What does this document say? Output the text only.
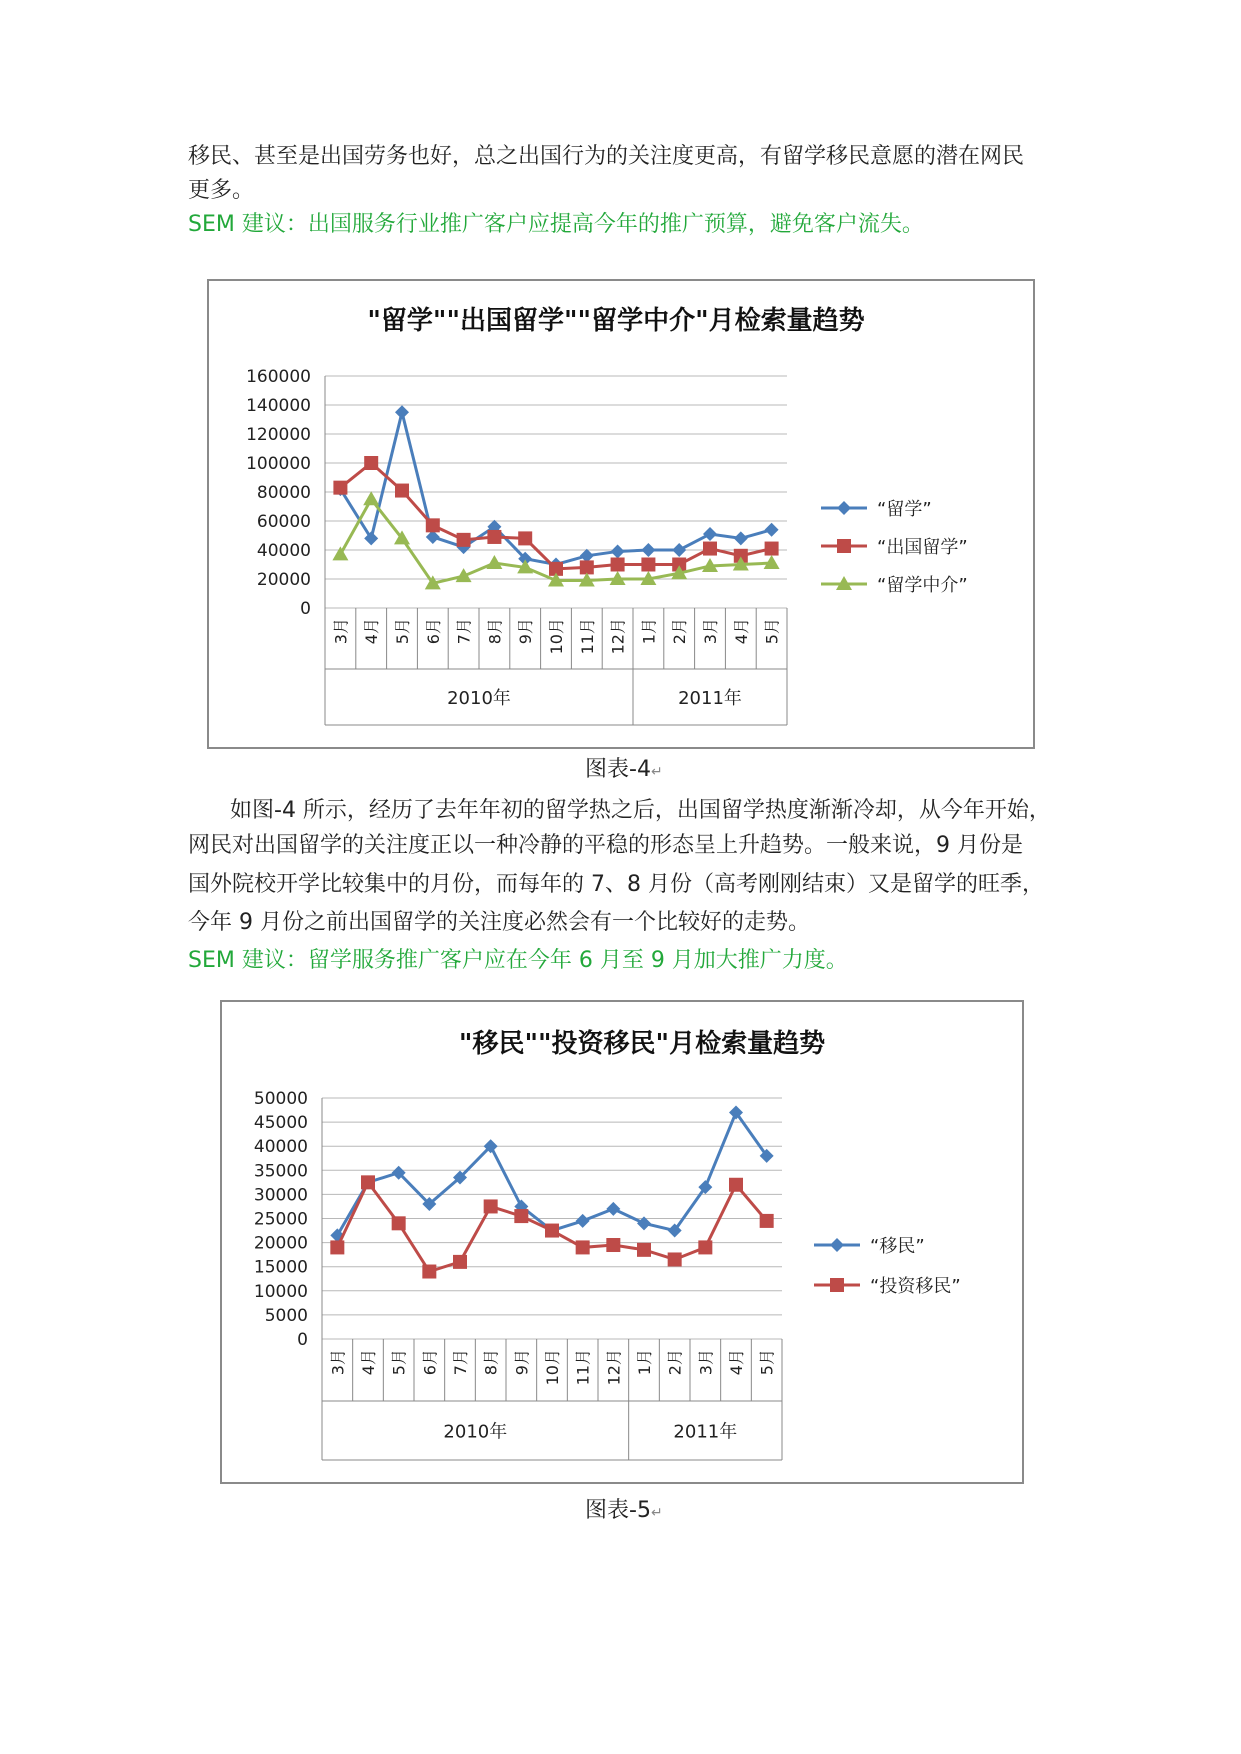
移民、甚至是出国劳务也好，总之出国行为的关注度更高，有留学移民意愿的潜在网民
更多。
SEM 建议：出国服务行业推广客户应提高今年的推广预算，避免客户流失。
"留学""出国留学""留学中介"月检索量趋势
0
20000
40000
60000
80000
100000
120000
140000
160000
3月 4月 5月 6月 7月 8月 9月 10月 11月 12月 1月 2月 3月 4月 5月
2010年	2011年
“留学”
“出国留学”
“留学中介”
图表-4↵
如图-4 所示，经历了去年年初的留学热之后，出国留学热度渐渐冷却，从今年开始，
网民对出国留学的关注度正以一种冷静的平稳的形态呈上升趋势。一般来说，9 月份是
国外院校开学比较集中的月份，而每年的 7、8 月份（高考刚刚结束）又是留学的旺季，
今年 9 月份之前出国留学的关注度必然会有一个比较好的走势。
SEM 建议：留学服务推广客户应在今年 6 月至 9 月加大推广力度。
"移民""投资移民"月检索量趋势
0
5000
10000
15000
20000
25000
30000
35000
40000
45000
50000
3月 4月 5月 6月 7月 8月 9月 10月 11月 12月 1月 2月 3月 4月 5月
2010年	2011年
“移民”
“投资移民”
图表-5↵
